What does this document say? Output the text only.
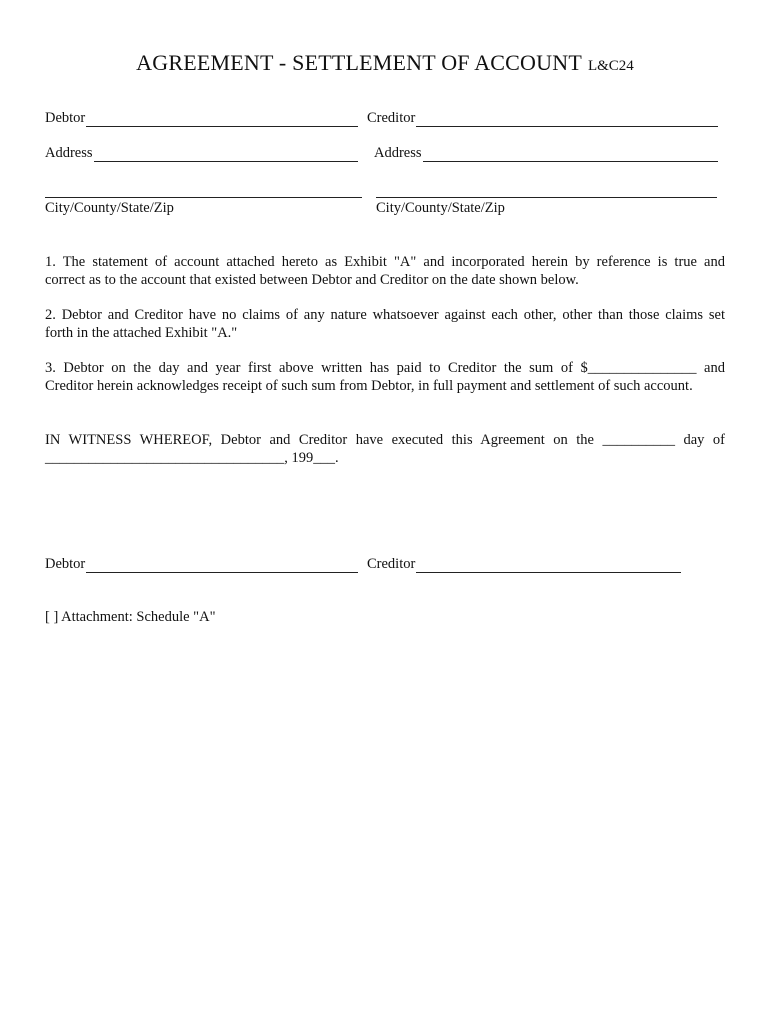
AGREEMENT - SETTLEMENT OF ACCOUNT L&C24
Debtor	Creditor
Address	Address
City/County/State/Zip	City/County/State/Zip
1. The statement of account attached hereto as Exhibit "A" and incorporated herein by reference is true and
correct as to the account that existed between Debtor and Creditor on the date shown below.
2. Debtor and Creditor have no claims of any nature whatsoever against each other, other than those claims set
forth in the attached Exhibit "A."
3. Debtor on the day and year first above written has paid to Creditor the sum of $_______________ and
Creditor herein acknowledges receipt of such sum from Debtor, in full payment and settlement of such account.
IN WITNESS WHEREOF, Debtor and Creditor have executed this Agreement on the __________ day of
_________________________________, 199___.
Debtor	Creditor
[ ] Attachment: Schedule "A"
